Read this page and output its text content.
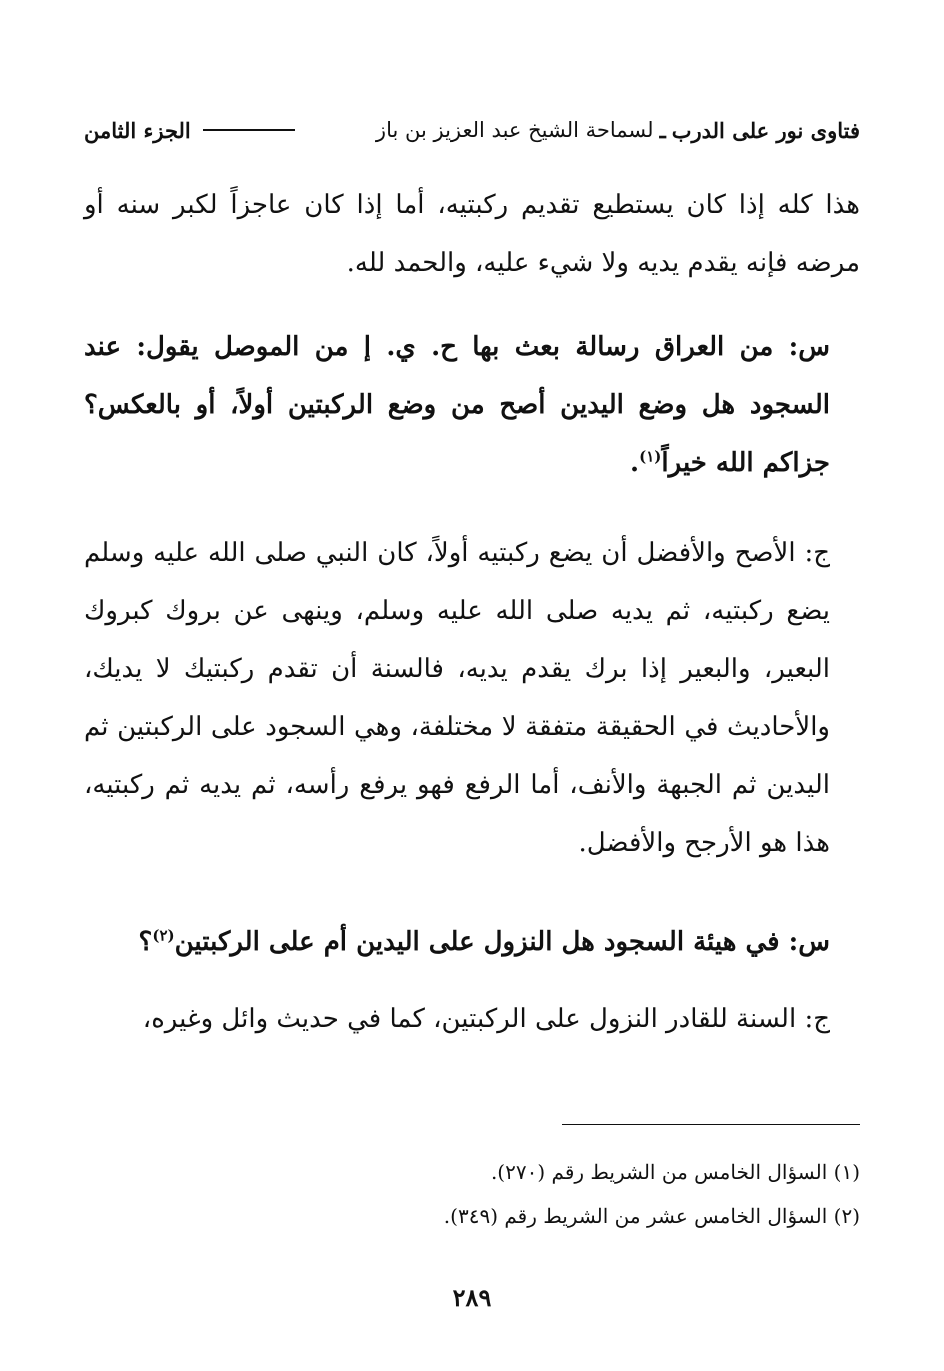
فتاوى نور على الدرب
ـ
لسماحة الشيخ عبد العزيز بن باز
الجزء الثامن

هذا كله إذا كان يستطيع تقديم ركبتيه، أما إذا كان عاجزاً لكبر سنه أو مرضه فإنه يقدم يديه ولا شيء عليه، والحمد لله.

س: من العراق رسالة بعث بها ح. ي. إ من الموصل يقول: عند السجود هل وضع اليدين أصح من وضع الركبتين أولاً، أو بالعكس؟ جزاكم الله خيراً$^{(١)}$.

ج: الأصح والأفضل أن يضع ركبتيه أولاً، كان النبي صلى الله عليه وسلم يضع ركبتيه، ثم يديه صلى الله عليه وسلم، وينهى عن بروك كبروك البعير، والبعير إذا برك يقدم يديه، فالسنة أن تقدم ركبتيك لا يديك، والأحاديث في الحقيقة متفقة لا مختلفة، وهي السجود على الركبتين ثم اليدين ثم الجبهة والأنف، أما الرفع فهو يرفع رأسه، ثم يديه ثم ركبتيه، هذا هو الأرجح والأفضل.

س: في هيئة السجود هل النزول على اليدين أم على الركبتين$^{(٢)}$؟

ج: السنة للقادر النزول على الركبتين، كما في حديث وائل وغيره،

(١) السؤال الخامس من الشريط رقم (٢٧٠).

(٢) السؤال الخامس عشر من الشريط رقم (٣٤٩).

٢٨٩
